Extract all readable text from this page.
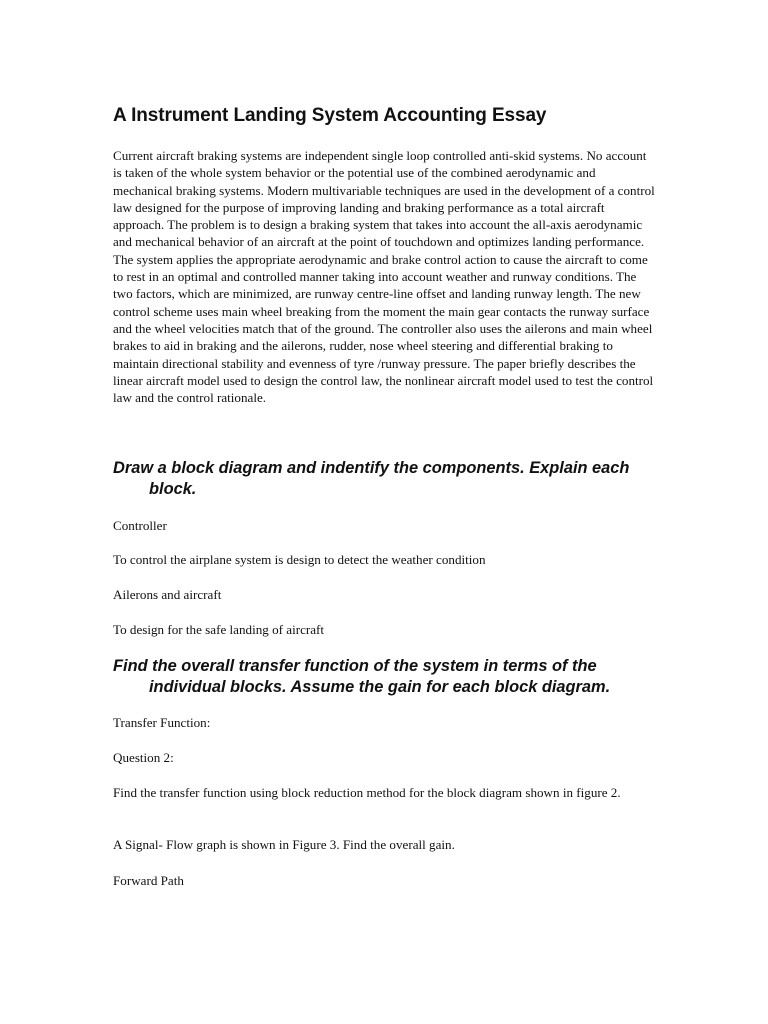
A Instrument Landing System Accounting Essay

Current aircraft braking systems are independent single loop controlled anti-skid systems. No account is taken of the whole system behavior or the potential use of the combined aerodynamic and mechanical braking systems. Modern multivariable techniques are used in the development of a control law designed for the purpose of improving landing and braking performance as a total aircraft approach. The problem is to design a braking system that takes into account the all-axis aerodynamic and mechanical behavior of an aircraft at the point of touchdown and optimizes landing performance. The system applies the appropriate aerodynamic and brake control action to cause the aircraft to come to rest in an optimal and controlled manner taking into account weather and runway conditions. The two factors, which are minimized, are runway centre-line offset and landing runway length. The new control scheme uses main wheel breaking from the moment the main gear contacts the runway surface and the wheel velocities match that of the ground. The controller also uses the ailerons and main wheel brakes to aid in braking and the ailerons, rudder, nose wheel steering and differential braking to maintain directional stability and evenness of tyre /runway pressure. The paper briefly describes the linear aircraft model used to design the control law, the nonlinear aircraft model used to test the control law and the control rationale.

Draw a block diagram and indentify the components. Explain each block.

Controller

To control the airplane system is design to detect the weather condition

Ailerons and aircraft

To design for the safe landing of aircraft

Find the overall transfer function of the system in terms of the individual blocks. Assume the gain for each block diagram.

Transfer Function:

Question 2:

Find the transfer function using block reduction method for the block diagram shown in figure 2.

A Signal- Flow graph is shown in Figure 3. Find the overall gain.

Forward Path
